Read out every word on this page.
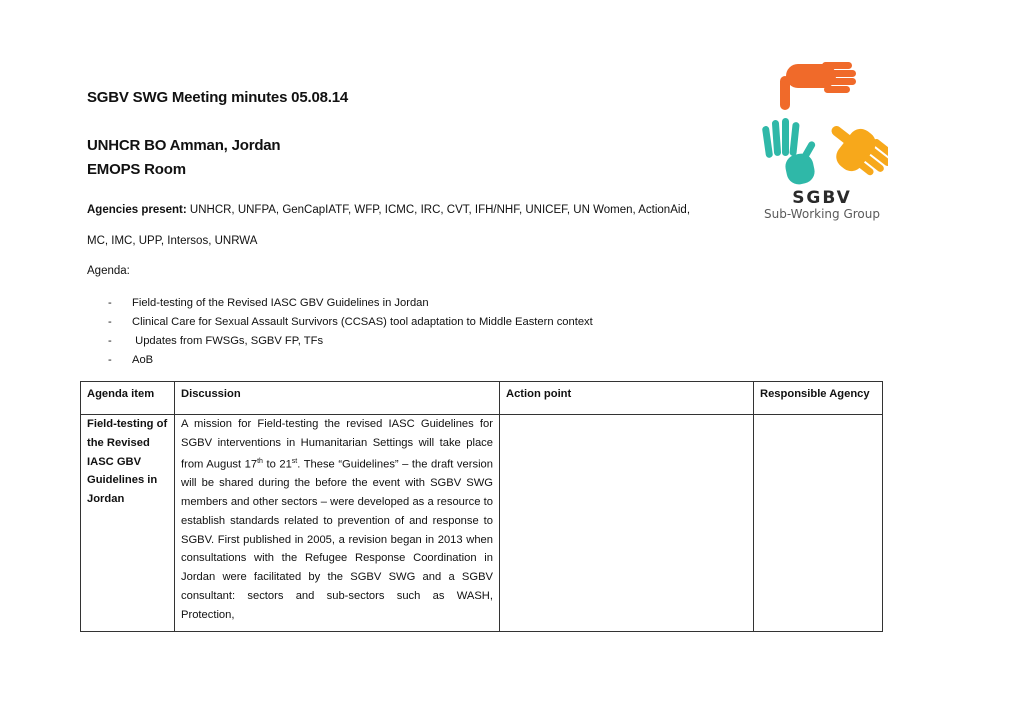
SGBV SWG Meeting minutes 05.08.14
UNHCR BO Amman, Jordan
EMOPS Room
Agencies present: UNHCR, UNFPA, GenCapIATF, WFP, ICMC, IRC, CVT, IFH/NHF, UNICEF, UN Women, ActionAid,
MC, IMC, UPP, Intersos, UNRWA
Agenda:
- Field-testing of the Revised IASC GBV Guidelines in Jordan
- Clinical Care for Sexual Assault Survivors (CCSAS) tool adaptation to Middle Eastern context
-  Updates from FWSGs, SGBV FP, TFs
- AoB
SGBV
Sub-Working Group
Agenda item	Discussion	Action point	Responsible Agency

Field-testing of the Revised IASC GBV Guidelines in Jordan	A mission for Field-testing the revised IASC Guidelines for SGBV interventions in Humanitarian Settings will take place from August 17th to 21st. These “Guidelines” – the draft version will be shared during the before the event with SGBV SWG members and other sectors – were developed as a resource to establish standards related to prevention of and response to SGBV. First published in 2005, a revision began in 2013 when consultations with the Refugee Response Coordination in Jordan were facilitated by the SGBV SWG and a SGBV consultant: sectors and sub-sectors such as WASH, Protection,		
